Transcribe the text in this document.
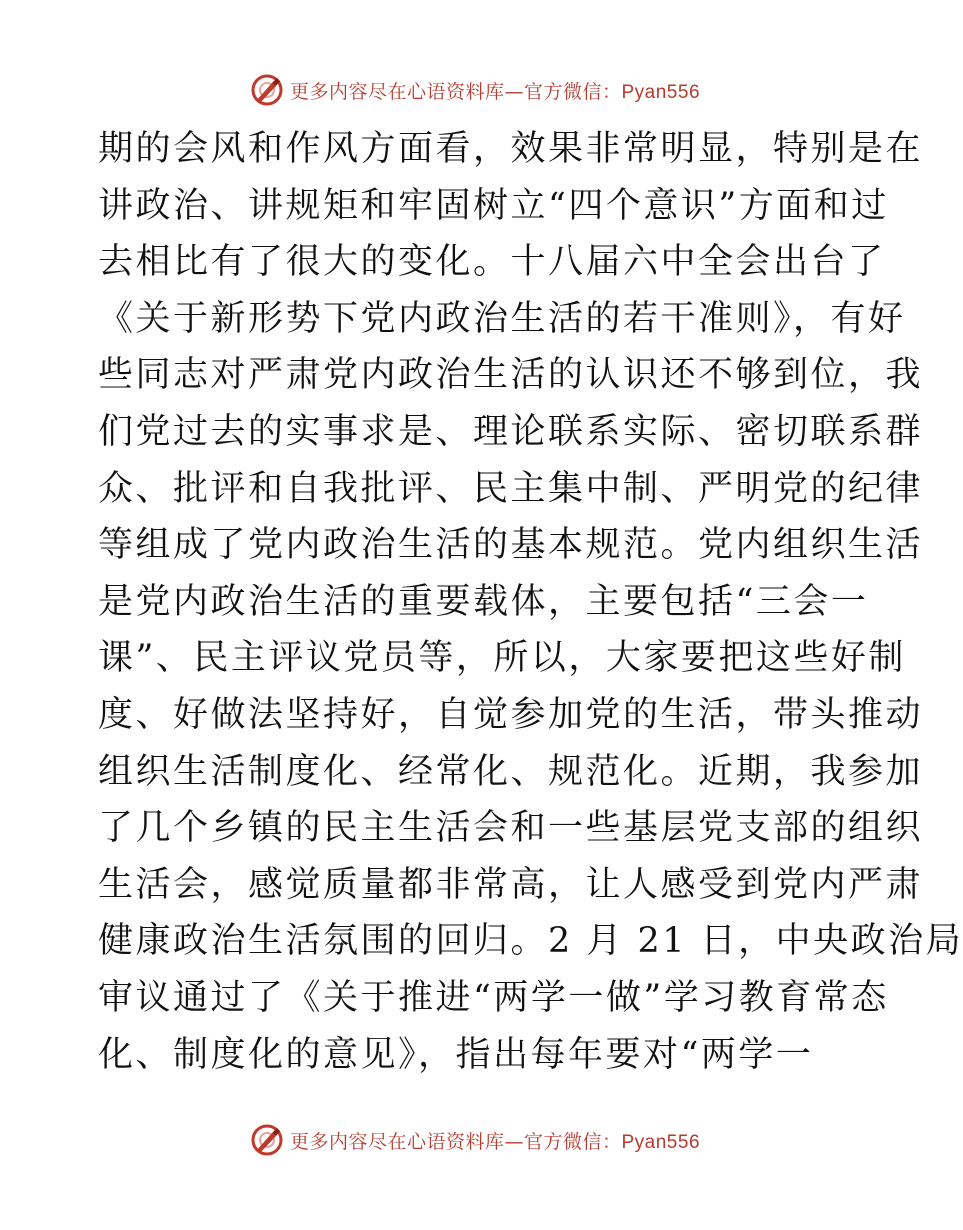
更多内容尽在心语资料库—官方微信：Pyan556
期的会风和作风方面看，效果非常明显，特别是在
讲政治、讲规矩和牢固树立“四个意识”方面和过
去相比有了很大的变化。十八届六中全会出台了
《关于新形势下党内政治生活的若干准则》，有好
些同志对严肃党内政治生活的认识还不够到位，我
们党过去的实事求是、理论联系实际、密切联系群
众、批评和自我批评、民主集中制、严明党的纪律
等组成了党内政治生活的基本规范。党内组织生活
是党内政治生活的重要载体，主要包括“三会一
课”、民主评议党员等，所以，大家要把这些好制
度、好做法坚持好，自觉参加党的生活，带头推动
组织生活制度化、经常化、规范化。近期，我参加
了几个乡镇的民主生活会和一些基层党支部的组织
生活会，感觉质量都非常高，让人感受到党内严肃
健康政治生活氛围的回归。2 月 21 日，中央政治局
审议通过了《关于推进“两学一做”学习教育常态
化、制度化的意见》，指出每年要对“两学一
更多内容尽在心语资料库—官方微信：Pyan556
